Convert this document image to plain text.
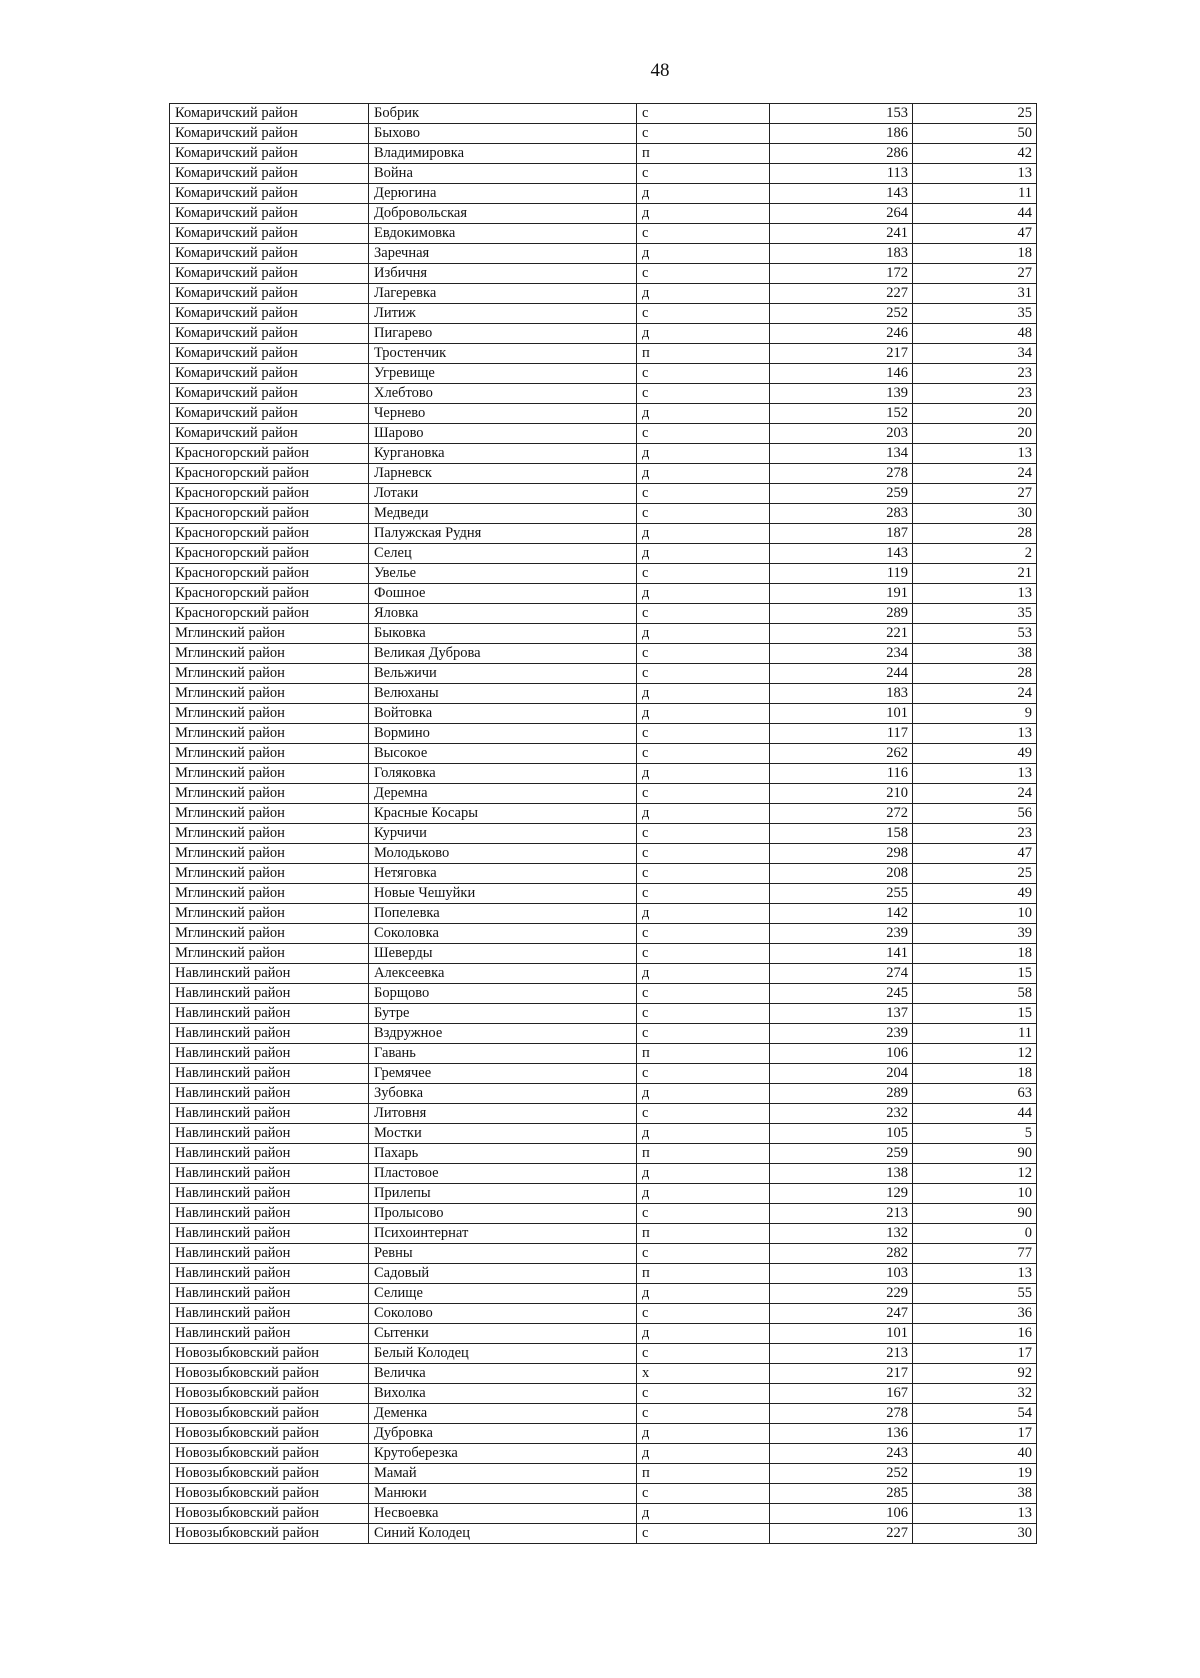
48
Комаричский район	Бобрик	с	153	25
Комаричский район	Быхово	с	186	50
Комаричский район	Владимировка	п	286	42
Комаричский район	Война	с	113	13
Комаричский район	Дерюгина	д	143	11
Комаричский район	Добровольская	д	264	44
Комаричский район	Евдокимовка	с	241	47
Комаричский район	Заречная	д	183	18
Комаричский район	Избичня	с	172	27
Комаричский район	Лагеревка	д	227	31
Комаричский район	Литиж	с	252	35
Комаричский район	Пигарево	д	246	48
Комаричский район	Тростенчик	п	217	34
Комаричский район	Угревище	с	146	23
Комаричский район	Хлебтово	с	139	23
Комаричский район	Чернево	д	152	20
Комаричский район	Шарово	с	203	20
Красногорский район	Кургановка	д	134	13
Красногорский район	Ларневск	д	278	24
Красногорский район	Лотаки	с	259	27
Красногорский район	Медведи	с	283	30
Красногорский район	Палужская Рудня	д	187	28
Красногорский район	Селец	д	143	2
Красногорский район	Увелье	с	119	21
Красногорский район	Фошное	д	191	13
Красногорский район	Яловка	с	289	35
Мглинский район	Быковка	д	221	53
Мглинский район	Великая Дуброва	с	234	38
Мглинский район	Вельжичи	с	244	28
Мглинский район	Велюханы	д	183	24
Мглинский район	Войтовка	д	101	9
Мглинский район	Вормино	с	117	13
Мглинский район	Высокое	с	262	49
Мглинский район	Голяковка	д	116	13
Мглинский район	Деремна	с	210	24
Мглинский район	Красные Косары	д	272	56
Мглинский район	Курчичи	с	158	23
Мглинский район	Молодьково	с	298	47
Мглинский район	Нетяговка	с	208	25
Мглинский район	Новые Чешуйки	с	255	49
Мглинский район	Попелевка	д	142	10
Мглинский район	Соколовка	с	239	39
Мглинский район	Шеверды	с	141	18
Навлинский район	Алексеевка	д	274	15
Навлинский район	Борщово	с	245	58
Навлинский район	Бутре	с	137	15
Навлинский район	Вздружное	с	239	11
Навлинский район	Гавань	п	106	12
Навлинский район	Гремячее	с	204	18
Навлинский район	Зубовка	д	289	63
Навлинский район	Литовня	с	232	44
Навлинский район	Мостки	д	105	5
Навлинский район	Пахарь	п	259	90
Навлинский район	Пластовое	д	138	12
Навлинский район	Прилепы	д	129	10
Навлинский район	Пролысово	с	213	90
Навлинский район	Психоинтернат	п	132	0
Навлинский район	Ревны	с	282	77
Навлинский район	Садовый	п	103	13
Навлинский район	Селище	д	229	55
Навлинский район	Соколово	с	247	36
Навлинский район	Сытенки	д	101	16
Новозыбковский район	Белый Колодец	с	213	17
Новозыбковский район	Величка	х	217	92
Новозыбковский район	Вихолка	с	167	32
Новозыбковский район	Деменка	с	278	54
Новозыбковский район	Дубровка	д	136	17
Новозыбковский район	Крутоберезка	д	243	40
Новозыбковский район	Мамай	п	252	19
Новозыбковский район	Манюки	с	285	38
Новозыбковский район	Несвоевка	д	106	13
Новозыбковский район	Синий Колодец	с	227	30
